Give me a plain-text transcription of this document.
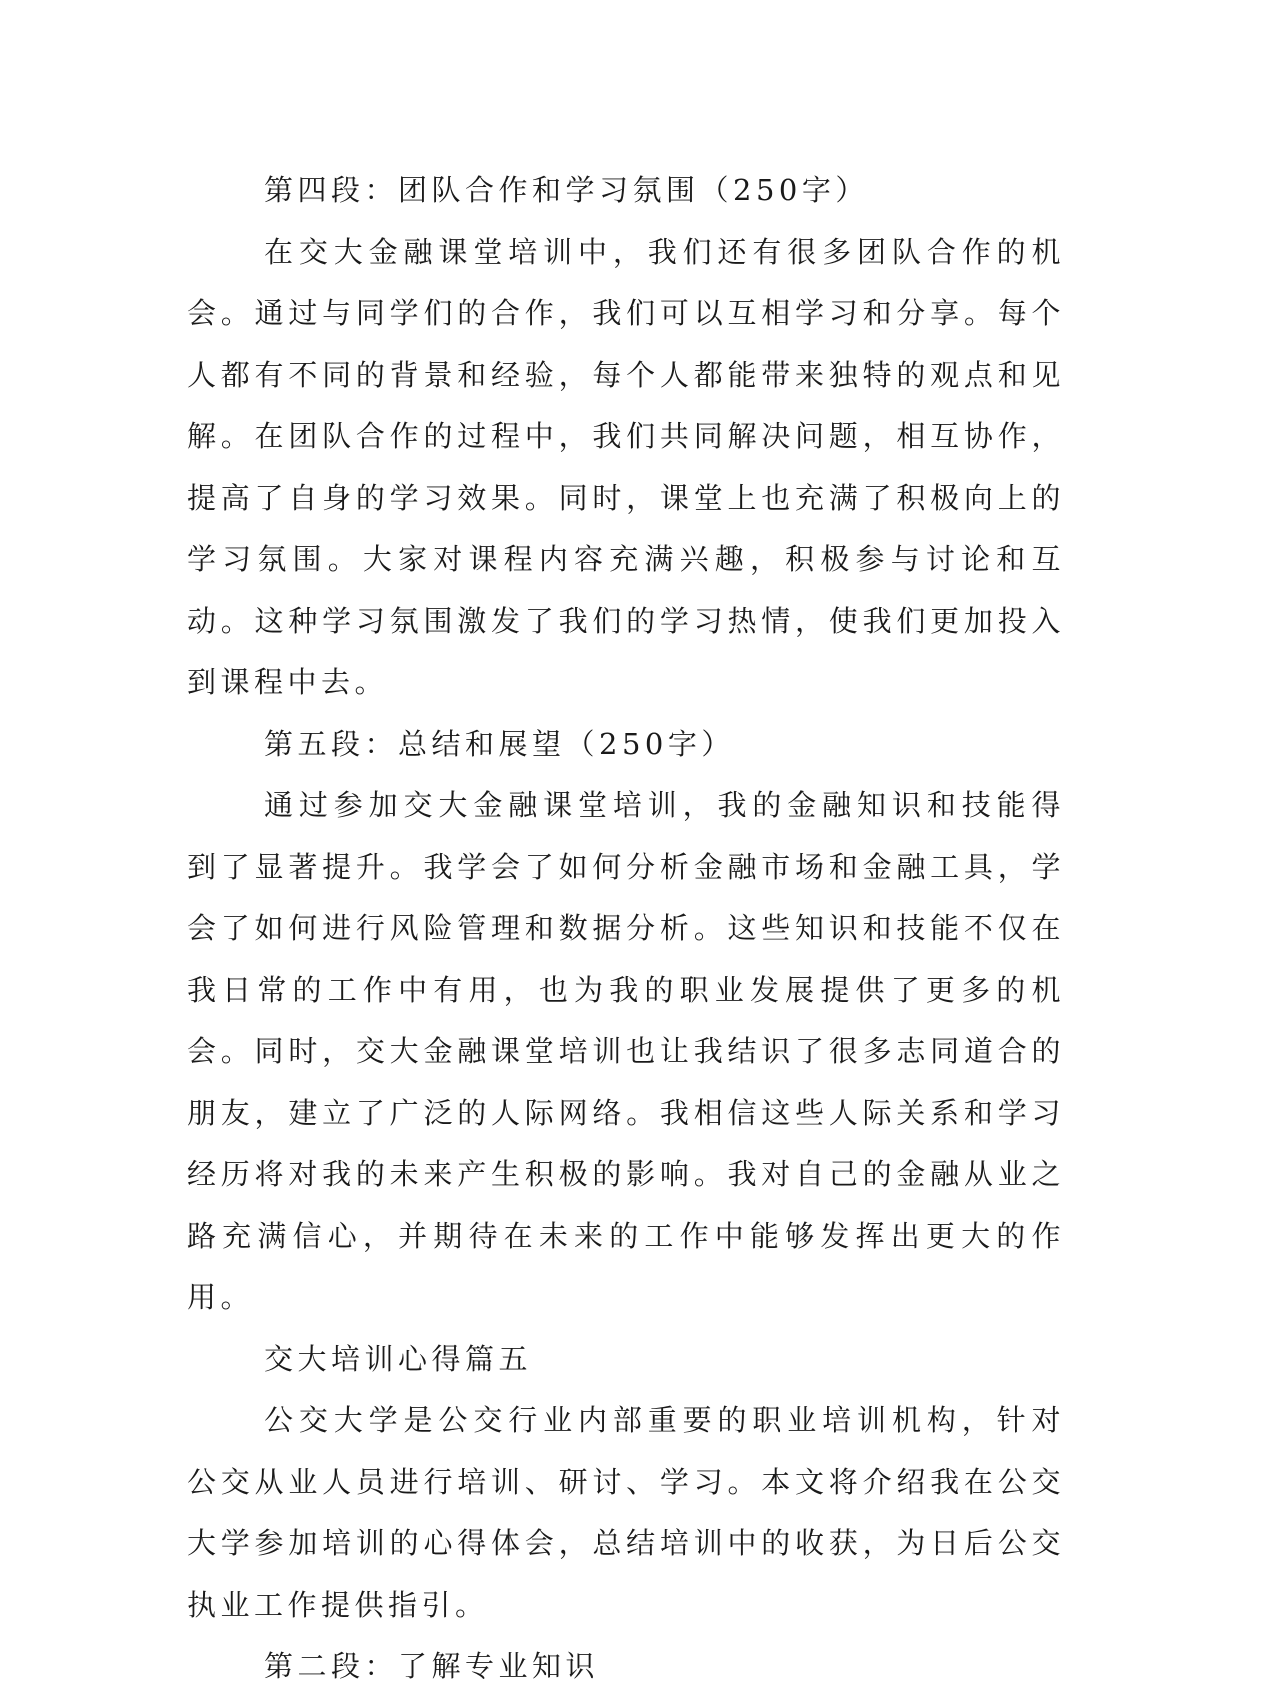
第四段：团队合作和学习氛围（250字）

在交大金融课堂培训中，我们还有很多团队合作的机会。通过与同学们的合作，我们可以互相学习和分享。每个人都有不同的背景和经验，每个人都能带来独特的观点和见解。在团队合作的过程中，我们共同解决问题，相互协作，提高了自身的学习效果。同时，课堂上也充满了积极向上的学习氛围。大家对课程内容充满兴趣，积极参与讨论和互动。这种学习氛围激发了我们的学习热情，使我们更加投入到课程中去。

第五段：总结和展望（250字）

通过参加交大金融课堂培训，我的金融知识和技能得到了显著提升。我学会了如何分析金融市场和金融工具，学会了如何进行风险管理和数据分析。这些知识和技能不仅在我日常的工作中有用，也为我的职业发展提供了更多的机会。同时，交大金融课堂培训也让我结识了很多志同道合的朋友，建立了广泛的人际网络。我相信这些人际关系和学习经历将对我的未来产生积极的影响。我对自己的金融从业之路充满信心，并期待在未来的工作中能够发挥出更大的作用。

交大培训心得篇五

公交大学是公交行业内部重要的职业培训机构，针对公交从业人员进行培训、研讨、学习。本文将介绍我在公交大学参加培训的心得体会，总结培训中的收获，为日后公交执业工作提供指引。

第二段：了解专业知识
